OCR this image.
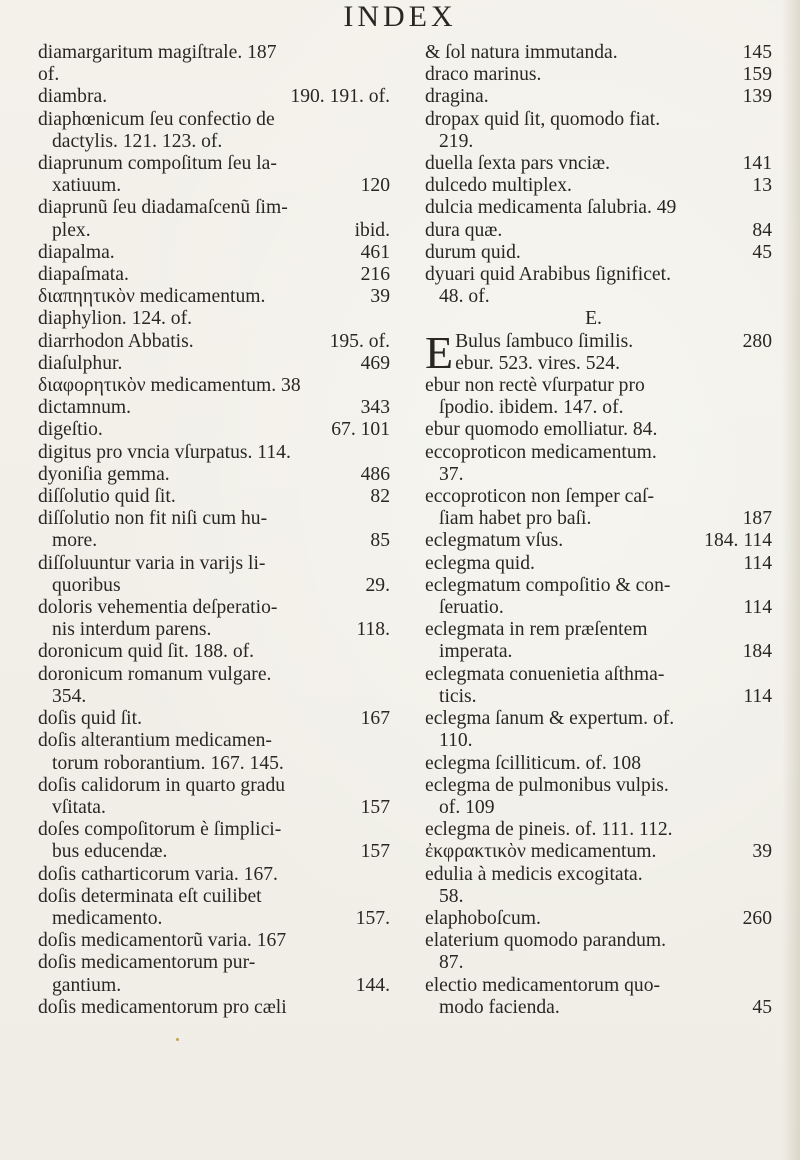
INDEX
diamargaritum magiſtrale. 187
of.
diambra.	190. 191. of.
diaphœnicum ſeu confectio de
dactylis. 121. 123. of.
diaprunum compoſitum ſeu la-
xatiuum.	120
diaprunũ ſeu diadamaſcenũ ſim-
plex.	ibid.
diapalma.	461
diapaſmata.	216
διαπηητικὸν medicamentum.	39
diaphylion. 124. of.
diarrhodon Abbatis.	195. of.
diaſulphur.	469
διαφορητικὸν medicamentum. 38
dictamnum.	343
digeſtio.	67. 101
digitus pro vncia vſurpatus. 114.
dyoniſia gemma.	486
diſſolutio quid ſit.	82
diſſolutio non fit niſi cum hu-
more.	85
diſſoluuntur varia in varijs li-
quoribus	29.
doloris vehementia deſperatio-
nis interdum parens.	118.
doronicum quid ſit. 188. of.
doronicum romanum vulgare.
354.
doſis quid ſit.	167
doſis alterantium medicamen-
torum roborantium. 167. 145.
doſis calidorum in quarto gradu
vſitata.	157
doſes compoſitorum è ſimplici-
bus educendæ.	157
doſis catharticorum varia. 167.
doſis determinata eſt cuilibet
medicamento.	157.
doſis medicamentorũ varia. 167
doſis medicamentorum pur-
gantium.	144.
doſis medicamentorum pro cæli
& ſol natura immutanda.	145
draco marinus.	159
dragina.	139
dropax quid ſit, quomodo fiat.
219.
duella ſexta pars vnciæ.	141
dulcedo multiplex.	13
dulcia medicamenta ſalubria. 49
dura quæ.	84
durum quid.	45
dyuari quid Arabibus ſignificet.
48. of.
E.
E Bulus ſambuco ſimilis.	280
ebur. 523. vires. 524.
ebur non rectè vſurpatur pro
ſpodio. ibidem. 147. of.
ebur quomodo emolliatur. 84.
eccoproticon medicamentum.
37.
eccoproticon non ſemper caſ-
ſiam habet pro baſi.	187
eclegmatum vſus.	184. 114
eclegma quid.	114
eclegmatum compoſitio & con-
ſeruatio.	114
eclegmata in rem præſentem
imperata.	184
eclegmata conuenietia aſthma-
ticis.	114
eclegma ſanum & expertum. of.
110.
eclegma ſcilliticum. of. 108
eclegma de pulmonibus vulpis.
of. 109
eclegma de pineis. of. 111. 112.
ἐκφρακτικὸν medicamentum.	39
edulia à medicis excogitata.
58.
elaphoboſcum.	260
elaterium quomodo parandum.
87.
electio medicamentorum quo-
modo facienda.	45
